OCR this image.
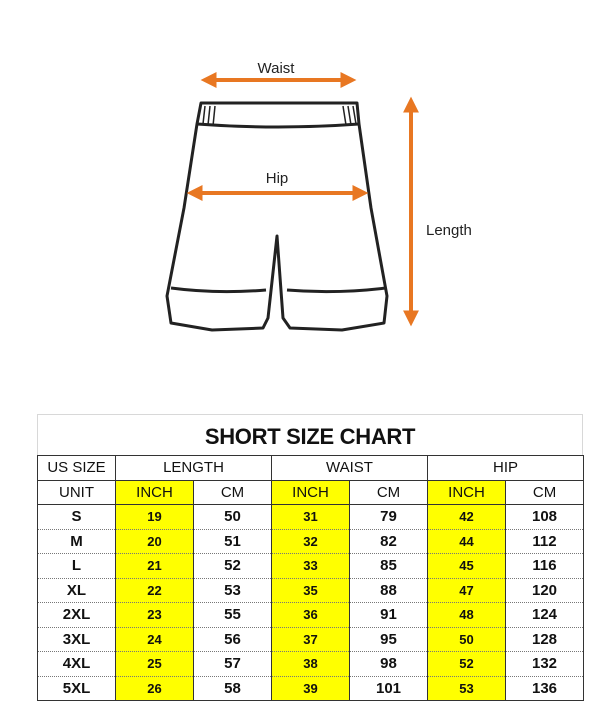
Waist
Hip
Length
SHORT SIZE CHART
US SIZE	LENGTH		WAIST		HIP	
UNIT	INCH	CM	INCH	CM	INCH	CM
S	19	50	31	79	42	108
M	20	51	32	82	44	112
L	21	52	33	85	45	116
XL	22	53	35	88	47	120
2XL	23	55	36	91	48	124
3XL	24	56	37	95	50	128
4XL	25	57	38	98	52	132
5XL	26	58	39	101	53	136
